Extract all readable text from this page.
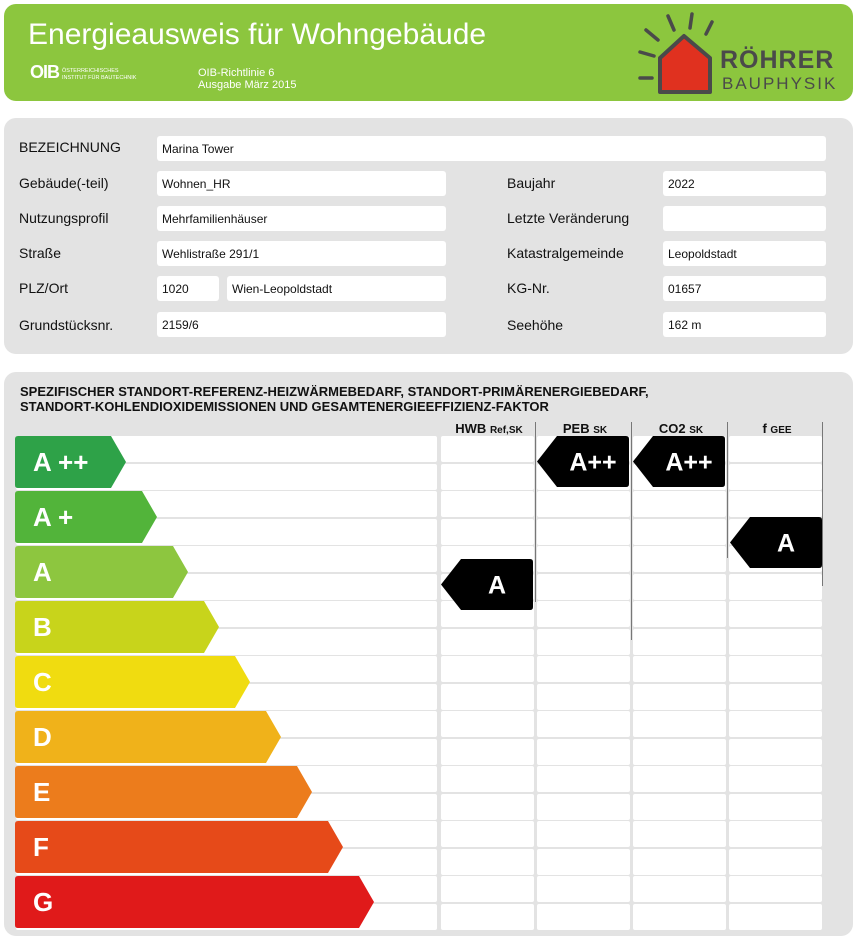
Energieausweis für Wohngebäude
OIB ÖSTERREICHISCHES
INSTITUT FÜR BAUTECHNIK	OIB-Richtlinie 6
Ausgabe März 2015
RÖHRER
BAUPHYSIK
BEZEICHNUNG	Marina Tower
Gebäude(-teil)	Wohnen_HR	Baujahr	2022
Nutzungsprofil	Mehrfamilienhäuser	Letzte Veränderung
Straße	Wehlistraße 291/1	Katastralgemeinde	Leopoldstadt
PLZ/Ort	1020	Wien-Leopoldstadt	KG-Nr.	01657
Grundstücksnr.	2159/6	Seehöhe	162 m
SPEZIFISCHER STANDORT-REFERENZ-HEIZWÄRMEBEDARF, STANDORT-PRIMÄRENERGIEBEDARF,
STANDORT-KOHLENDIOXIDEMISSIONEN UND GESAMTENERGIEEFFIZIENZ-FAKTOR
HWB Ref,SK	PEB SK	CO2 SK	f GEE
A ++
A +
A
B
C
D
E
F
G
A
A++ A++
A
